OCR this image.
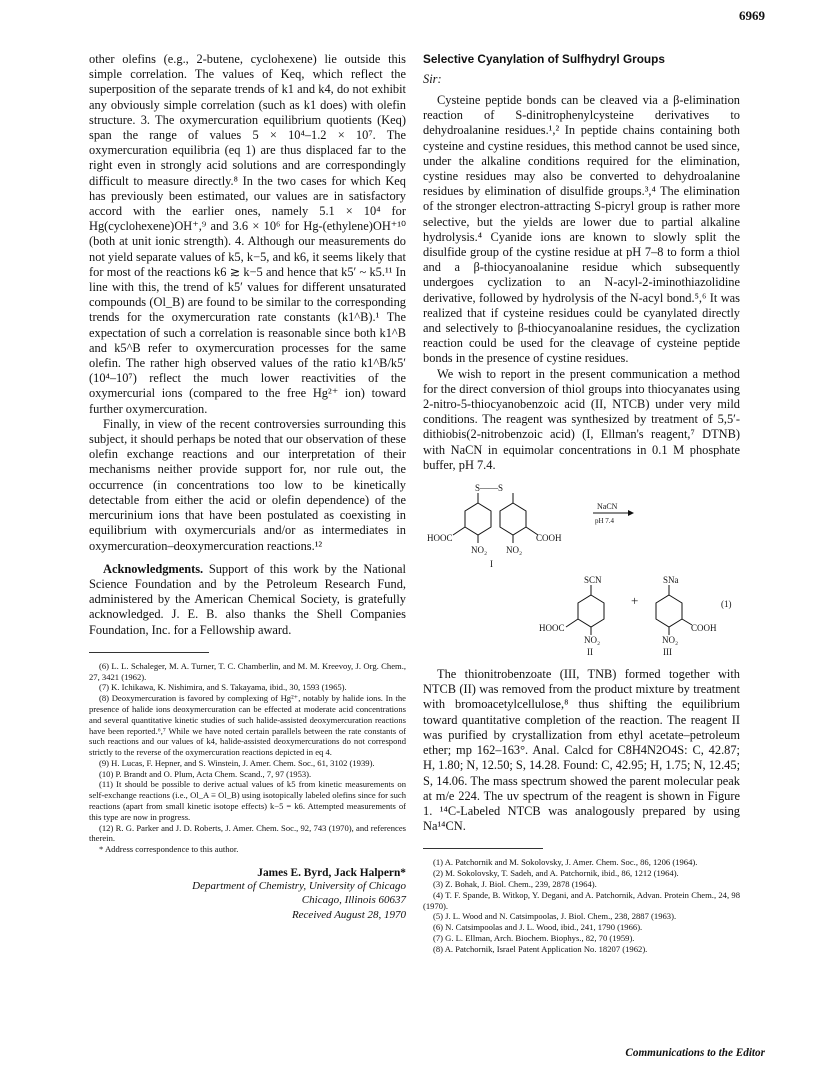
6969

other olefins (e.g., 2-butene, cyclohexene) lie outside this simple correlation. The values of Keq, which reflect the superposition of the separate trends of k1 and k4, do not exhibit any obviously simple correlation (such as k1 does) with olefin structure. 3. The oxymercuration equilibrium quotients (Keq) span the range of values 5 × 10⁴–1.2 × 10⁷. The oxymercuration equilibria (eq 1) are thus displaced far to the right even in strongly acid solutions and are correspondingly difficult to measure directly.⁸ In the two cases for which Keq has previously been estimated, our values are in satisfactory accord with the earlier ones, namely 5.1 × 10⁴ for Hg(cyclohexene)OH⁺,⁹ and 3.6 × 10⁶ for Hg-(ethylene)OH⁺¹⁰ (both at unit ionic strength). 4. Although our measurements do not yield separate values of k5, k−5, and k6, it seems likely that for most of the reactions k6 ≳ k−5 and hence that k5′ ~ k5.¹¹ In line with this, the trend of k5′ values for different unsaturated compounds (Ol_B) are found to be similar to the corresponding trends for the oxymercuration rate constants (k1^B).¹ The expectation of such a correlation is reasonable since both k1^B and k5^B refer to oxymercuration processes for the same olefin. The rather high observed values of the ratio k1^B/k5′ (10⁴–10⁷) reflect the much lower reactivities of the oxymercurial ions (compared to the free Hg²⁺ ion) toward further oxymercuration.

Finally, in view of the recent controversies surrounding this subject, it should perhaps be noted that our observation of these olefin exchange reactions and our interpretation of their mechanisms neither provide support for, nor rule out, the occurrence (in concentrations too low to be kinetically detectable from either the acid or olefin dependence) of the mercurinium ions that have been postulated as coexisting in equilibrium with oxymercurials and/or as intermediates in oxymercuration–deoxymercuration reactions.¹²

Acknowledgments. Support of this work by the National Science Foundation and by the Petroleum Research Fund, administered by the American Chemical Society, is gratefully acknowledged. J. E. B. also thanks the Shell Companies Foundation, Inc. for a Fellowship award.

(6) L. L. Schaleger, M. A. Turner, T. C. Chamberlin, and M. M. Kreevoy, J. Org. Chem., 27, 3421 (1962).

(7) K. Ichikawa, K. Nishimira, and S. Takayama, ibid., 30, 1593 (1965).

(8) Deoxymercuration is favored by complexing of Hg²⁺, notably by halide ions. In the presence of halide ions deoxymercuration can be effected at moderate acid concentrations and several quantitative kinetic studies of such halide-assisted deoxymercuration reactions have been reported.⁶,⁷ While we have noted certain parallels between the rate constants of such reactions and our values of k4, halide-assisted deoxymercurations do not correspond strictly to the reverse of the oxymercuration reactions depicted in eq 4.

(9) H. Lucas, F. Hepner, and S. Winstein, J. Amer. Chem. Soc., 61, 3102 (1939).

(10) P. Brandt and O. Plum, Acta Chem. Scand., 7, 97 (1953).

(11) It should be possible to derive actual values of k5 from kinetic measurements on self-exchange reactions (i.e., Ol_A ≡ Ol_B) using isotopically labeled olefins since for such reactions (apart from small kinetic isotope effects) k−5 = k6. Attempted measurements of this type are now in progress.

(12) R. G. Parker and J. D. Roberts, J. Amer. Chem. Soc., 92, 743 (1970), and references therein.

* Address correspondence to this author.

James E. Byrd, Jack Halpern*
Department of Chemistry, University of Chicago
Chicago, Illinois 60637
Received August 28, 1970
Selective Cyanylation of Sulfhydryl Groups
Sir:

Cysteine peptide bonds can be cleaved via a β-elimination reaction of S-dinitrophenylcysteine derivatives to dehydroalanine residues.¹,² In peptide chains containing both cysteine and cystine residues, this method cannot be used since, under the alkaline conditions required for the elimination, cystine residues may also be converted to dehydroalanine residues by elimination of disulfide groups.³,⁴ The elimination of the stronger electron-attracting S-picryl group is rather more selective, but the yields are lower due to partial alkaline hydrolysis.⁴ Cyanide ions are known to slowly split the disulfide group of the cystine residue at pH 7–8 to form a thiol and a β-thiocyanoalanine residue which subsequently undergoes cyclization to an N-acyl-2-iminothiazolidine derivative, followed by hydrolysis of the N-acyl bond.⁵,⁶ It was realized that if cysteine residues could be cyanylated directly and selectively to β-thiocyanoalanine residues, the cyclization reaction could be used for the cleavage of cysteine peptide bonds in the presence of cystine residues.

We wish to report in the present communication a method for the direct conversion of thiol groups into thiocyanates using 2-nitro-5-thiocyanobenzoic acid (II, NTCB) under very mild conditions. The reagent was synthesized by treatment of 5,5′-dithiobis(2-nitrobenzoic acid) (I, Ellman's reagent,⁷ DTNB) with NaCN in equimolar concentrations in 0.1 M phosphate buffer, pH 7.4.

S——S
HOOC	COOH
NO₂ NO₂
I
NaCN
pH 7.4
SCN
HOOC
NO₂
II
+
SNa
COOH
NO₂
III
(1)

The thionitrobenzoate (III, TNB) formed together with NTCB (II) was removed from the product mixture by treatment with bromoacetylcellulose,⁸ thus shifting the equilibrium toward quantitative completion of the reaction. The reagent II was purified by crystallization from ethyl acetate–petroleum ether; mp 162–163°. Anal. Calcd for C8H4N2O4S: C, 42.87; H, 1.80; N, 12.50; S, 14.28. Found: C, 42.95; H, 1.75; N, 12.45; S, 14.06. The mass spectrum showed the parent molecular peak at m/e 224. The uv spectrum of the reagent is shown in Figure 1. ¹⁴C-Labeled NTCB was analogously prepared by using Na¹⁴CN.

(1) A. Patchornik and M. Sokolovsky, J. Amer. Chem. Soc., 86, 1206 (1964).

(2) M. Sokolovsky, T. Sadeh, and A. Patchornik, ibid., 86, 1212 (1964).

(3) Z. Bohak, J. Biol. Chem., 239, 2878 (1964).

(4) T. F. Spande, B. Witkop, Y. Degani, and A. Patchornik, Advan. Protein Chem., 24, 98 (1970).

(5) J. L. Wood and N. Catsimpoolas, J. Biol. Chem., 238, 2887 (1963).

(6) N. Catsimpoolas and J. L. Wood, ibid., 241, 1790 (1966).

(7) G. L. Ellman, Arch. Biochem. Biophys., 82, 70 (1959).

(8) A. Patchornik, Israel Patent Application No. 18207 (1962).

Communications to the Editor
